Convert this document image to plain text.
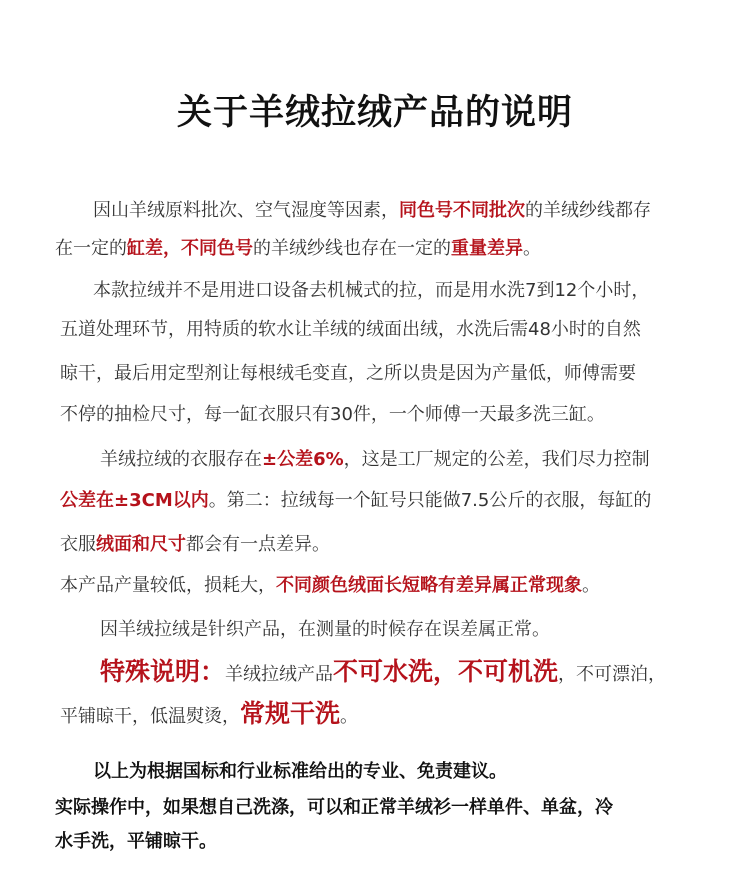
关于羊绒拉绒产品的说明
因山羊绒原料批次、空气湿度等因素，同色号不同批次的羊绒纱线都存
在一定的缸差，不同色号的羊绒纱线也存在一定的重量差异。
本款拉绒并不是用进口设备去机械式的拉，而是用水洗7到12个小时，
五道处理环节，用特质的软水让羊绒的绒面出绒，水洗后需48小时的自然
晾干，最后用定型剂让每根绒毛变直，之所以贵是因为产量低，师傅需要
不停的抽检尺寸，每一缸衣服只有30件，一个师傅一天最多洗三缸。
羊绒拉绒的衣服存在±公差6%，这是工厂规定的公差，我们尽力控制
公差在±3CM以内。第二：拉绒每一个缸号只能做7.5公斤的衣服，每缸的
衣服绒面和尺寸都会有一点差异。
本产品产量较低，损耗大，不同颜色绒面长短略有差异属正常现象。
因羊绒拉绒是针织产品，在测量的时候存在误差属正常。
特殊说明：羊绒拉绒产品不可水洗，不可机洗，不可漂泊，
平铺晾干，低温熨烫，常规干洗。
以上为根据国标和行业标准给出的专业、免责建议。
实际操作中，如果想自己洗涤，可以和正常羊绒衫一样单件、单盆，冷
水手洗，平铺晾干。
